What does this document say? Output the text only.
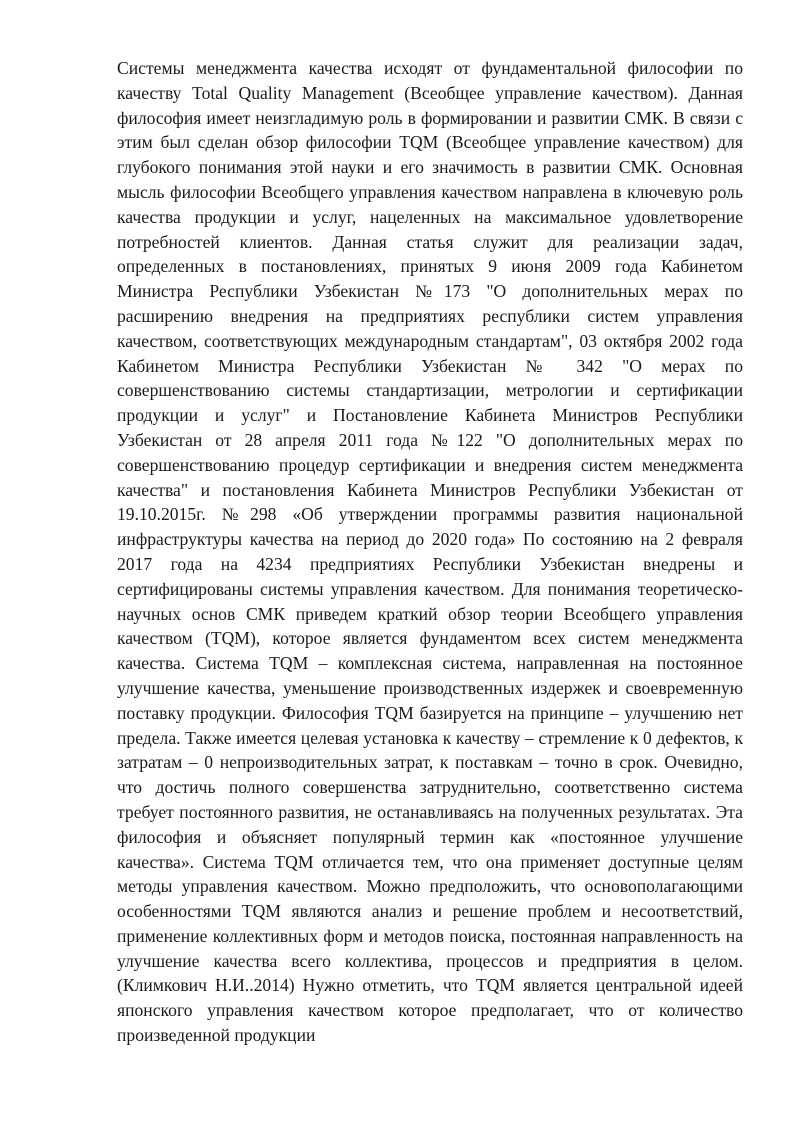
Системы менеджмента качества исходят от фундаментальной философии по качеству Total Quality Management (Всеобщее управление качеством). Данная философия имеет неизгладимую роль в формировании и развитии СМК. В связи с этим был сделан обзор философии TQM (Всеобщее управление качеством) для глубокого понимания этой науки и его значимость в развитии СМК. Основная мысль философии Всеобщего управления качеством направлена в ключевую роль качества продукции и услуг, нацеленных на максимальное удовлетворение потребностей клиентов. Данная статья служит для реализации задач, определенных в постановлениях, принятых 9 июня 2009 года Кабинетом Министра Республики Узбекистан №173 "О дополнительных мерах по расширению внедрения на предприятиях республики систем управления качеством, соответствующих международным стандартам", 03 октября 2002 года Кабинетом Министра Республики Узбекистан № 342 "О мерах по совершенствованию системы стандартизации, метрологии и сертификации продукции и услуг" и Постановление Кабинета Министров Республики Узбекистан от 28 апреля 2011 года №122 "О дополнительных мерах по совершенствованию процедур сертификации и внедрения систем менеджмента качества" и постановления Кабинета Министров Республики Узбекистан от 19.10.2015г. №298 «Об утверждении программы развития национальной инфраструктуры качества на период до 2020 года» По состоянию на 2 февраля 2017 года на 4234 предприятиях Республики Узбекистан внедрены и сертифицированы системы управления качеством. Для понимания теоретическо-научных основ СМК приведем краткий обзор теории Всеобщего управления качеством (TQM), которое является фундаментом всех систем менеджмента качества. Система TQM – комплексная система, направленная на постоянное улучшение качества, уменьшение производственных издержек и своевременную поставку продукции. Философия TQM базируется на принципе – улучшению нет предела. Также имеется целевая установка к качеству – стремление к 0 дефектов, к затратам – 0 непроизводительных затрат, к поставкам – точно в срок. Очевидно, что достичь полного совершенства затруднительно, соответственно система требует постоянного развития, не останавливаясь на полученных результатах. Эта философия и объясняет популярный термин как «постоянное улучшение качества». Система TQM отличается тем, что она применяет доступные целям методы управления качеством. Можно предположить, что основополагающими особенностями TQM являются анализ и решение проблем и несоответствий, применение коллективных форм и методов поиска, постоянная направленность на улучшение качества всего коллектива, процессов и предприятия в целом. (Климкович Н.И..2014) Нужно отметить, что TQM является центральной идеей японского управления качеством которое предполагает, что от количество произведенной продукции
